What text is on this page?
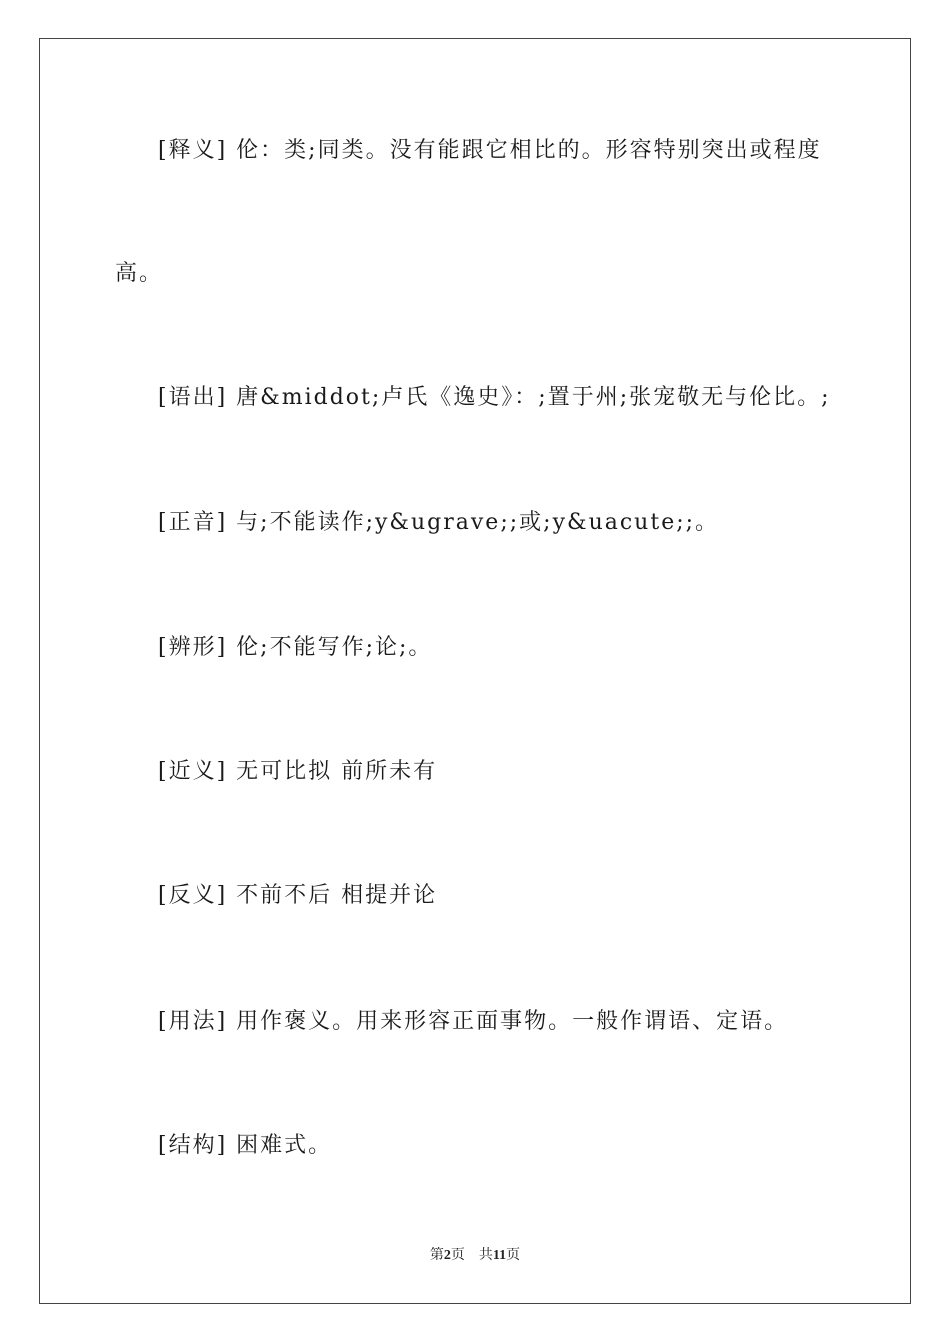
[释义] 伦：类;同类。没有能跟它相比的。形容特别突出或程度
高。
[语出] 唐&middot;卢氏《逸史》：;置于州;张宠敬无与伦比。;
[正音] 与;不能读作;y&ugrave;;或;y&uacute;;。
[辨形] 伦;不能写作;论;。
[近义] 无可比拟 前所未有
[反义] 不前不后 相提并论
[用法] 用作褒义。用来形容正面事物。一般作谓语、定语。
[结构] 困难式。
第2页 共11页
